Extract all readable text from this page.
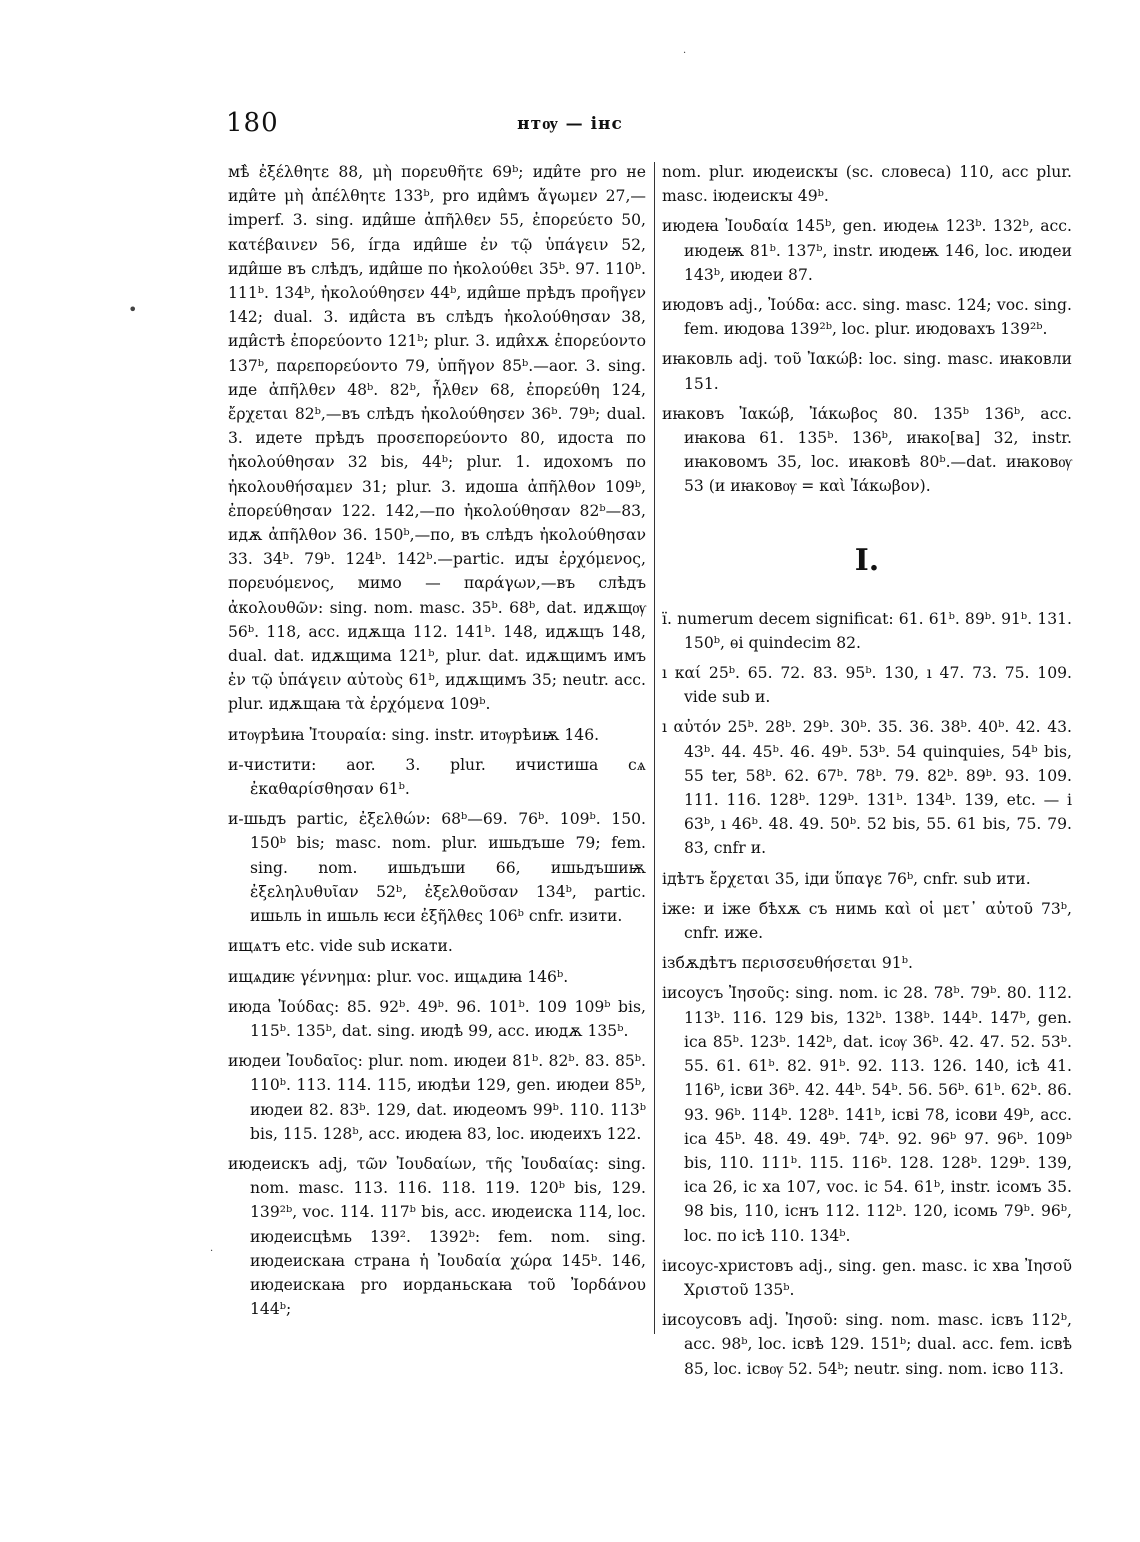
180	нтѹ — інс

мѣ̀ ἐξέλθητε 88, μὴ πορευθῆτε 69ᵇ; иди̂те pro не иди̂те μὴ ἀπέλθητε 133ᵇ, pro иди̂мъ ἄγωμεν 27,—imperf. 3. sing. иди̂ше ἀπῆλθεν 55, ἐπορεύετο 50, κατέβαινεν 56, і́гда иди̂ше ἐν τῷ ὑπάγειν 52, иди̂ше въ слѣдъ, иди̂ше по ἠκολούθει 35ᵇ. 97. 110ᵇ. 111ᵇ. 134ᵇ, ἠκολούθησεν 44ᵇ, иди̂ше прѣдъ προῆγεν 142; dual. 3. иди̂ста въ слѣдъ ἠκολούθησαν 38, иди̂стѣ ἐπορεύοντο 121ᵇ; plur. 3. иди̂хѫ ἐπορεύοντο 137ᵇ, παρεπορεύοντο 79, ὑπῆγον 85ᵇ.—aor. 3. sing. иде ἀπῆλθεν 48ᵇ. 82ᵇ, ἦλθεν 68, ἐπορεύθη 124, ἔρχεται 82ᵇ,—въ слѣдъ ἠκολούθησεν 36ᵇ. 79ᵇ; dual. 3. идете прѣдъ προσεπορεύοντο 80, идоста по ἠκολούθησαν 32 bis, 44ᵇ; plur. 1. идохомъ по ἠκολουθήσαμεν 31; plur. 3. идоша ἀπῆλθον 109ᵇ, ἐπορεύθησαν 122. 142,—по ἠκολούθησαν 82ᵇ—83, идѫ ἀπῆλθον 36. 150ᵇ,—по, въ слѣдъ ἠκολούθησαν 33. 34ᵇ. 79ᵇ. 124ᵇ. 142ᵇ.—partic. идꙑ ἐρχόμενος, πορευόμενος, мимо — παράγων,—въ слѣдъ ἀκολουθῶν: sing. nom. masc. 35ᵇ. 68ᵇ, dat. идѫщѹ 56ᵇ. 118, acc. идѫща 112. 141ᵇ. 148, идѫщъ 148, dual. dat. идѫщима 121ᵇ, plur. dat. идѫщимъ имъ ἐν τῷ ὑπάγειν αὐτοὺς 61ᵇ, идѫщимъ 35; neutr. acc. plur. идѫщаꙗ τὰ ἐρχόμενα 109ᵇ.

итѹрѣиꙗ Ἰτουραία: sing. instr. итѹрѣиѭ 146.

и-чистити: aor. 3. plur. ичистиша сѧ ἐκαθαρίσθησαν 61ᵇ.

и-шьдъ partic, ἐξελθών: 68ᵇ—69. 76ᵇ. 109ᵇ. 150. 150ᵇ bis; masc. nom. plur. ишьдъше 79; fem. sing. nom. ишьдъши 66, ишьдъшиѭ ἐξεληλυθυῖαν 52ᵇ, ἐξελθοῦσαν 134ᵇ, partic. ишьль in ишьль ѥси ἐξῆλθες 106ᵇ cnfr. изити.

ищѧтъ etc. vide sub искати.

ищѧдиѥ γέννημα: plur. voc. ищѧдиꙗ 146ᵇ.

июда Ἰούδας: 85. 92ᵇ. 49ᵇ. 96. 101ᵇ. 109 109ᵇ bis, 115ᵇ. 135ᵇ, dat. sing. июдѣ 99, acc. июдѫ 135ᵇ.

июдеи Ἰουδαῖος: plur. nom. июдеи 81ᵇ. 82ᵇ. 83. 85ᵇ. 110ᵇ. 113. 114. 115, июдѣи 129, gen. июдеи 85ᵇ, июдеи 82. 83ᵇ. 129, dat. июдеомъ 99ᵇ. 110. 113ᵇ bis, 115. 128ᵇ, acc. июдеꙗ 83, loc. июдеихъ 122.

июдеискъ adj, τῶν Ἰουδαίων, τῆς Ἰουδαίας: sing. nom. masc. 113. 116. 118. 119. 120ᵇ bis, 129. 139²ᵇ, voc. 114. 117ᵇ bis, acc. июдеиска 114, loc. июдеисцѣмь 139². 1392ᵇ: fem. nom. sing. июдеискаꙗ страна ἡ Ἰουδαία χώρα 145ᵇ. 146, июдеискаꙗ pro иорданьскаꙗ τοῦ Ἰορδάνου 144ᵇ;

nom. plur. июдеискꙑ (sc. словеса) 110, acc plur. masc. іюдеискꙑ 49ᵇ.

июдеꙗ Ἰουδαία 145ᵇ, gen. июдеѩ 123ᵇ. 132ᵇ, acc. июдеѭ 81ᵇ. 137ᵇ, instr. июдеѭ 146, loc. июдеи 143ᵇ, июдеи 87.

июдовъ adj., Ἰούδα: acc. sing. masc. 124; voc. sing. fem. июдова 139²ᵇ, loc. plur. июдовахъ 139²ᵇ.

иꙗковль adj. τοῦ Ἰακώβ: loc. sing. masc. иꙗковли 151.

иꙗковъ Ἰακώβ, Ἰάκωβος 80. 135ᵇ 136ᵇ, acc. иꙗкова 61. 135ᵇ. 136ᵇ, иꙗко[ва] 32, instr. иꙗковомъ 35, loc. иꙗковѣ 80ᵇ.—dat. иꙗковѹ 53 (и иꙗковѹ = καὶ Ἰάκωβον).

I.

ї. numerum decem significat: 61. 61ᵇ. 89ᵇ. 91ᵇ. 131. 150ᵇ, ѳі quindecim 82.

ı καί 25ᵇ. 65. 72. 83. 95ᵇ. 130, ı 47. 73. 75. 109. vide sub и.

ı αὐτόν 25ᵇ. 28ᵇ. 29ᵇ. 30ᵇ. 35. 36. 38ᵇ. 40ᵇ. 42. 43. 43ᵇ. 44. 45ᵇ. 46. 49ᵇ. 53ᵇ. 54 quinquies, 54ᵇ bis, 55 ter, 58ᵇ. 62. 67ᵇ. 78ᵇ. 79. 82ᵇ. 89ᵇ. 93. 109. 111. 116. 128ᵇ. 129ᵇ. 131ᵇ. 134ᵇ. 139, etc. — і 63ᵇ, ı 46ᵇ. 48. 49. 50ᵇ. 52 bis, 55. 61 bis, 75. 79. 83, cnfr и.

ідѣтъ ἔρχεται 35, іди ὕπαγε 76ᵇ, cnfr. sub ити.

іже: и іже бѣхѫ съ нимь καὶ οἱ μετ᾿ αὐτοῦ 73ᵇ, cnfr. иже.

ізбѫдѣтъ περισσευθήσεται 91ᵇ.

іисоусъ Ἰησοῦς: sing. nom. іс 28. 78ᵇ. 79ᵇ. 80. 112. 113ᵇ. 116. 129 bis, 132ᵇ. 138ᵇ. 144ᵇ. 147ᵇ, gen. іса 85ᵇ. 123ᵇ. 142ᵇ, dat. ісѹ 36ᵇ. 42. 47. 52. 53ᵇ. 55. 61. 61ᵇ. 82. 91ᵇ. 92. 113. 126. 140, ісѣ 41. 116ᵇ, ісви 36ᵇ. 42. 44ᵇ. 54ᵇ. 56. 56ᵇ. 61ᵇ. 62ᵇ. 86. 93. 96ᵇ. 114ᵇ. 128ᵇ. 141ᵇ, ісві 78, ісови 49ᵇ, acc. іса 45ᵇ. 48. 49. 49ᵇ. 74ᵇ. 92. 96ᵇ 97. 96ᵇ. 109ᵇ bis, 110. 111ᵇ. 115. 116ᵇ. 128. 128ᵇ. 129ᵇ. 139, іса 26, іс ха 107, voc. іс 54. 61ᵇ, instr. ісомъ 35. 98 bis, 110, існъ 112. 112ᵇ. 120, ісомь 79ᵇ. 96ᵇ, loc. по ісѣ 110. 134ᵇ.

іисоус-христовъ adj., sing. gen. masc. іс хва Ἰησοῦ Χριστοῦ 135ᵇ.

іисоусовъ adj. Ἰησοῦ: sing. nom. masc. ісвъ 112ᵇ, acc. 98ᵇ, loc. ісвѣ 129. 151ᵇ; dual. acc. fem. ісвѣ 85, loc. ісвѹ 52. 54ᵇ; neutr. sing. nom. ісво 113.

•
·
·
